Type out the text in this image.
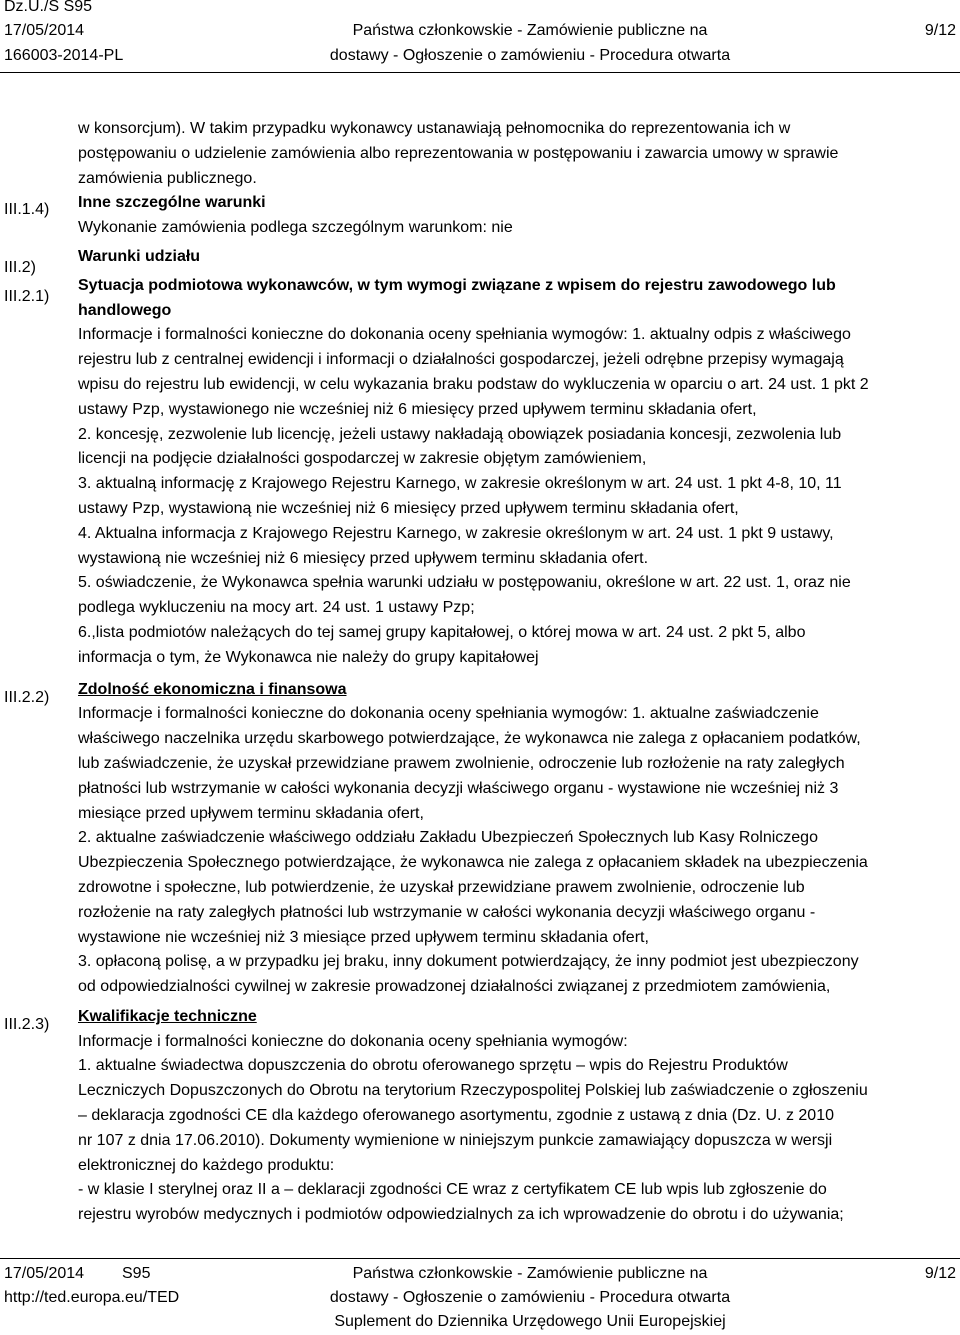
Dz.U./S S95
17/05/2014
166003-2014-PL
Państwa członkowskie - Zamówienie publiczne na
dostawy - Ogłoszenie o zamówieniu - Procedura otwarta
9/12
III.1.4)
III.2)
III.2.1)
III.2.2)
III.2.3)

w konsorcjum). W takim przypadku wykonawcy ustanawiają pełnomocnika do reprezentowania ich w

postępowaniu o udzielenie zamówienia albo reprezentowania w postępowaniu i zawarcia umowy w sprawie

zamówienia publicznego.

Inne szczególne warunki

Wykonanie zamówienia podlega szczególnym warunkom: nie

Warunki udziału

Sytuacja podmiotowa wykonawców, w tym wymogi związane z wpisem do rejestru zawodowego lub

handlowego

Informacje i formalności konieczne do dokonania oceny spełniania wymogów: 1. aktualny odpis z właściwego

rejestru lub z centralnej ewidencji i informacji o działalności gospodarczej, jeżeli odrębne przepisy wymagają

wpisu do rejestru lub ewidencji, w celu wykazania braku podstaw do wykluczenia w oparciu o art. 24 ust. 1 pkt 2

ustawy Pzp, wystawionego nie wcześniej niż 6 miesięcy przed upływem terminu składania ofert,

2. koncesję, zezwolenie lub licencję, jeżeli ustawy nakładają obowiązek posiadania koncesji, zezwolenia lub

licencji na podjęcie działalności gospodarczej w zakresie objętym zamówieniem,

3. aktualną informację z Krajowego Rejestru Karnego, w zakresie określonym w art. 24 ust. 1 pkt 4-8, 10, 11

ustawy Pzp, wystawioną nie wcześniej niż 6 miesięcy przed upływem terminu składania ofert,

4. Aktualna informacja z Krajowego Rejestru Karnego, w zakresie określonym w art. 24 ust. 1 pkt 9 ustawy,

wystawioną nie wcześniej niż 6 miesięcy przed upływem terminu składania ofert.

5. oświadczenie, że Wykonawca spełnia warunki udziału w postępowaniu, określone w art. 22 ust. 1, oraz nie

podlega wykluczeniu na mocy art. 24 ust. 1 ustawy Pzp;

6.,lista podmiotów należących do tej samej grupy kapitałowej, o której mowa w art. 24 ust. 2 pkt 5, albo

informacja o tym, że Wykonawca nie należy do grupy kapitałowej

Zdolność ekonomiczna i finansowa

Informacje i formalności konieczne do dokonania oceny spełniania wymogów: 1. aktualne zaświadczenie

właściwego naczelnika urzędu skarbowego potwierdzające, że wykonawca nie zalega z opłacaniem podatków,

lub zaświadczenie, że uzyskał przewidziane prawem zwolnienie, odroczenie lub rozłożenie na raty zaległych

płatności lub wstrzymanie w całości wykonania decyzji właściwego organu - wystawione nie wcześniej niż 3

miesiące przed upływem terminu składania ofert,

2. aktualne zaświadczenie właściwego oddziału Zakładu Ubezpieczeń Społecznych lub Kasy Rolniczego

Ubezpieczenia Społecznego potwierdzające, że wykonawca nie zalega z opłacaniem składek na ubezpieczenia

zdrowotne i społeczne, lub potwierdzenie, że uzyskał przewidziane prawem zwolnienie, odroczenie lub

rozłożenie na raty zaległych płatności lub wstrzymanie w całości wykonania decyzji właściwego organu -

wystawione nie wcześniej niż 3 miesiące przed upływem terminu składania ofert,

3. opłaconą polisę, a w przypadku jej braku, inny dokument potwierdzający, że inny podmiot jest ubezpieczony

od odpowiedzialności cywilnej w zakresie prowadzonej działalności związanej z przedmiotem zamówienia,

Kwalifikacje techniczne

Informacje i formalności konieczne do dokonania oceny spełniania wymogów:

1. aktualne świadectwa dopuszczenia do obrotu oferowanego sprzętu – wpis do Rejestru Produktów

Leczniczych Dopuszczonych do Obrotu na terytorium Rzeczypospolitej Polskiej lub zaświadczenie o zgłoszeniu

– deklaracja zgodności CE dla każdego oferowanego asortymentu, zgodnie z ustawą z dnia (Dz. U. z 2010

nr 107 z dnia 17.06.2010). Dokumenty wymienione w niniejszym punkcie zamawiający dopuszcza w wersji

elektronicznej do każdego produktu:

- w klasie I sterylnej oraz II a – deklaracji zgodności CE wraz z certyfikatem CE lub wpis lub zgłoszenie do

rejestru wyrobów medycznych i podmiotów odpowiedzialnych za ich wprowadzenie do obrotu i do używania;

17/05/2014 S95
http://ted.europa.eu/TED
Państwa członkowskie - Zamówienie publiczne na
dostawy - Ogłoszenie o zamówieniu - Procedura otwarta
Suplement do Dziennika Urzędowego Unii Europejskiej
9/12
